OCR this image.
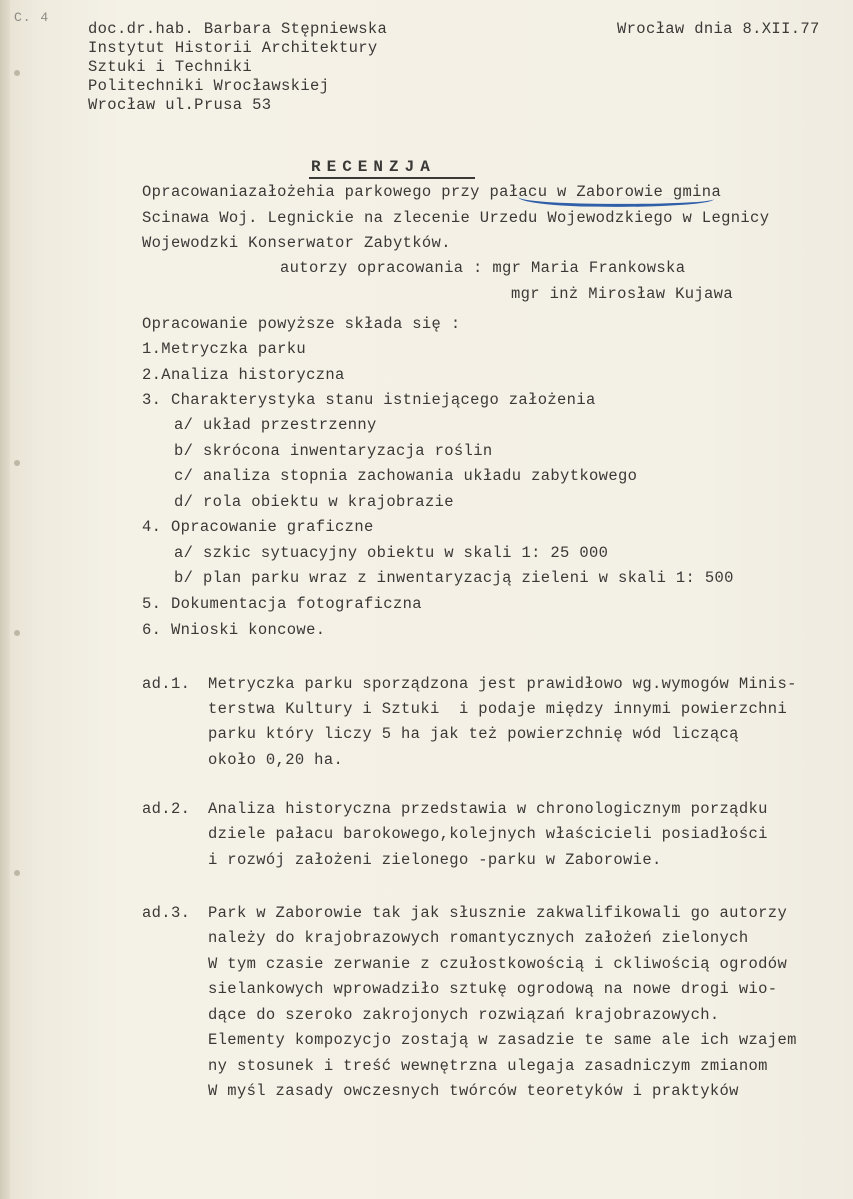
C. 4
doc.dr.hab. Barbara Stępniewska
Instytut Historii Architektury
Sztuki i Techniki
Politechniki Wrocławskiej
Wrocław ul.Prusa 53
Wrocław dnia 8.XII.77
RECENZJA
Opracowaniazałożehia parkowego przy pałacu w Zaborowie gmina
Scinawa Woj. Legnickie na zlecenie Urzedu Wojewodzkiego w Legnicy
Wojewodzki Konserwator Zabytków.
autorzy opracowania : mgr Maria Frankowska
mgr inż Mirosław Kujawa
Opracowanie powyższe składa się :
1.Metryczka parku
2.Analiza historyczna
3. Charakterystyka stanu istniejącego założenia
a/ układ przestrzenny
b/ skrócona inwentaryzacja roślin
c/ analiza stopnia zachowania układu zabytkowego
d/ rola obiektu w krajobrazie
4. Opracowanie graficzne
a/ szkic sytuacyjny obiektu w skali 1: 25 000
b/ plan parku wraz z inwentaryzacją zieleni w skali 1: 500
5. Dokumentacja fotograficzna
6. Wnioski koncowe.
ad.1. Metryczka parku sporządzona jest prawidłowo wg.wymogów Minis-
terstwa Kultury i Sztuki  i podaje między innymi powierzchni
parku który liczy 5 ha jak też powierzchnię wód liczącą
około 0,20 ha.
ad.2. Analiza historyczna przedstawia w chronologicznym porządku
dziele pałacu barokowego,kolejnych właścicieli posiadłości
i rozwój założeni zielonego -parku w Zaborowie.
ad.3. Park w Zaborowie tak jak słusznie zakwalifikowali go autorzy
należy do krajobrazowych romantycznych założeń zielonych
W tym czasie zerwanie z czułostkowością i ckliwością ogrodów
sielankowych wprowadziło sztukę ogrodową na nowe drogi wio-
dące do szeroko zakrojonych rozwiązań krajobrazowych.
Elementy kompozycjo zostają w zasadzie te same ale ich wzajem
ny stosunek i treść wewnętrzna ulegaja zasadniczym zmianom
W myśl zasady owczesnych twórców teoretyków i praktyków
